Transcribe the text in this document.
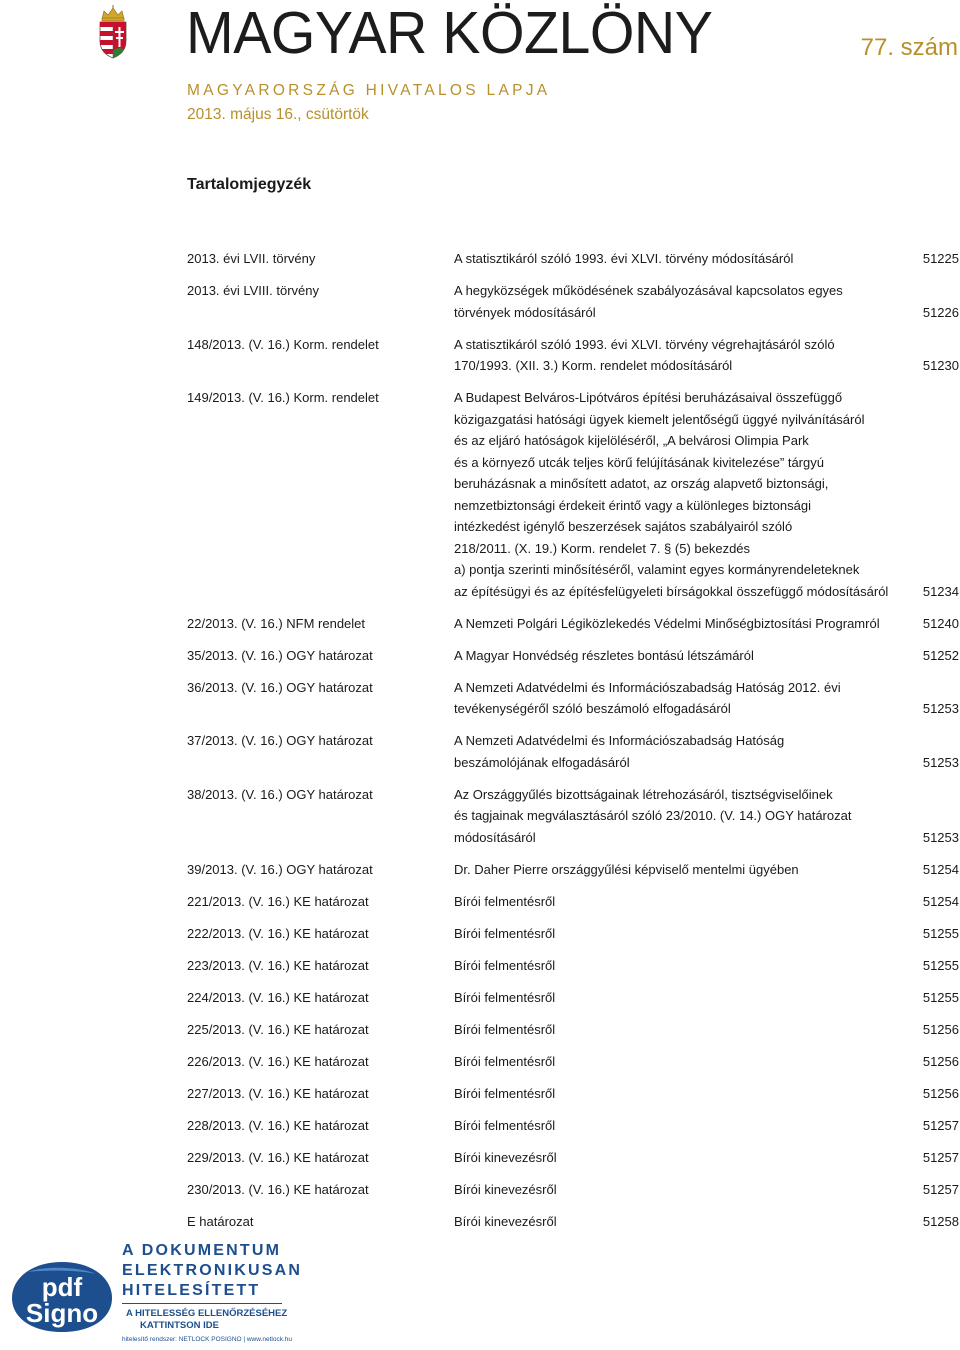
MAGYAR KÖZLÖNY	77. szám
MAGYARORSZÁG HIVATALOS LAPJA
2013. május 16., csütörtök
Tartalomjegyzék
2013. évi LVII. törvény	A statisztikáról szóló 1993. évi XLVI. törvény módosításáról	51225
2013. évi LVIII. törvény	A hegyközségek működésének szabályozásával kapcsolatos egyes
törvények módosításáról	51226
148/2013. (V. 16.) Korm. rendelet	A statisztikáról szóló 1993. évi XLVI. törvény végrehajtásáról szóló
170/1993. (XII. 3.) Korm. rendelet módosításáról	51230
149/2013. (V. 16.) Korm. rendelet	A Budapest Belváros-Lipótváros építési beruházásaival összefüggő
közigazgatási hatósági ügyek kiemelt jelentőségű üggyé nyilvánításáról
és az eljáró hatóságok kijelöléséről, „A belvárosi Olimpia Park
és a környező utcák teljes körű felújításának kivitelezése” tárgyú
beruházásnak a minősített adatot, az ország alapvető biztonsági,
nemzetbiztonsági érdekeit érintő vagy a különleges biztonsági
intézkedést igénylő beszerzések sajátos szabályairól szóló
218/2011. (X. 19.) Korm. rendelet 7. § (5) bekezdés
a) pontja szerinti minősítéséről, valamint egyes kormányrendeleteknek
az építésügyi és az építésfelügyeleti bírságokkal összefüggő módosításáról	51234
22/2013. (V. 16.) NFM rendelet	A Nemzeti Polgári Légiközlekedés Védelmi Minőségbiztosítási Programról	51240
35/2013. (V. 16.) OGY határozat	A Magyar Honvédség részletes bontású létszámáról	51252
36/2013. (V. 16.) OGY határozat	A Nemzeti Adatvédelmi és Információszabadság Hatóság 2012. évi
tevékenységéről szóló beszámoló elfogadásáról	51253
37/2013. (V. 16.) OGY határozat	A Nemzeti Adatvédelmi és Információszabadság Hatóság
beszámolójának elfogadásáról	51253
38/2013. (V. 16.) OGY határozat	Az Országgyűlés bizottságainak létrehozásáról, tisztségviselőinek
és tagjainak megválasztásáról szóló 23/2010. (V. 14.) OGY határozat
módosításáról	51253
39/2013. (V. 16.) OGY határozat	Dr. Daher Pierre országgyűlési képviselő mentelmi ügyében	51254
221/2013. (V. 16.) KE határozat	Bírói felmentésről	51254
222/2013. (V. 16.) KE határozat	Bírói felmentésről	51255
223/2013. (V. 16.) KE határozat	Bírói felmentésről	51255
224/2013. (V. 16.) KE határozat	Bírói felmentésről	51255
225/2013. (V. 16.) KE határozat	Bírói felmentésről	51256
226/2013. (V. 16.) KE határozat	Bírói felmentésről	51256
227/2013. (V. 16.) KE határozat	Bírói felmentésről	51256
228/2013. (V. 16.) KE határozat	Bírói felmentésről	51257
229/2013. (V. 16.) KE határozat	Bírói kinevezésről	51257
230/2013. (V. 16.) KE határozat	Bírói kinevezésről	51257
E határozat	Bírói kinevezésről	51258
pdf
Signo
A DOKUMENTUM
ELEKTRONIKUSAN
HITELESÍTETT
A HITELESSÉG ELLENŐRZÉSÉHEZ
KATTINTSON IDE
hitelesítő rendszer: NETLOCK POSIGNO | www.netlock.hu
